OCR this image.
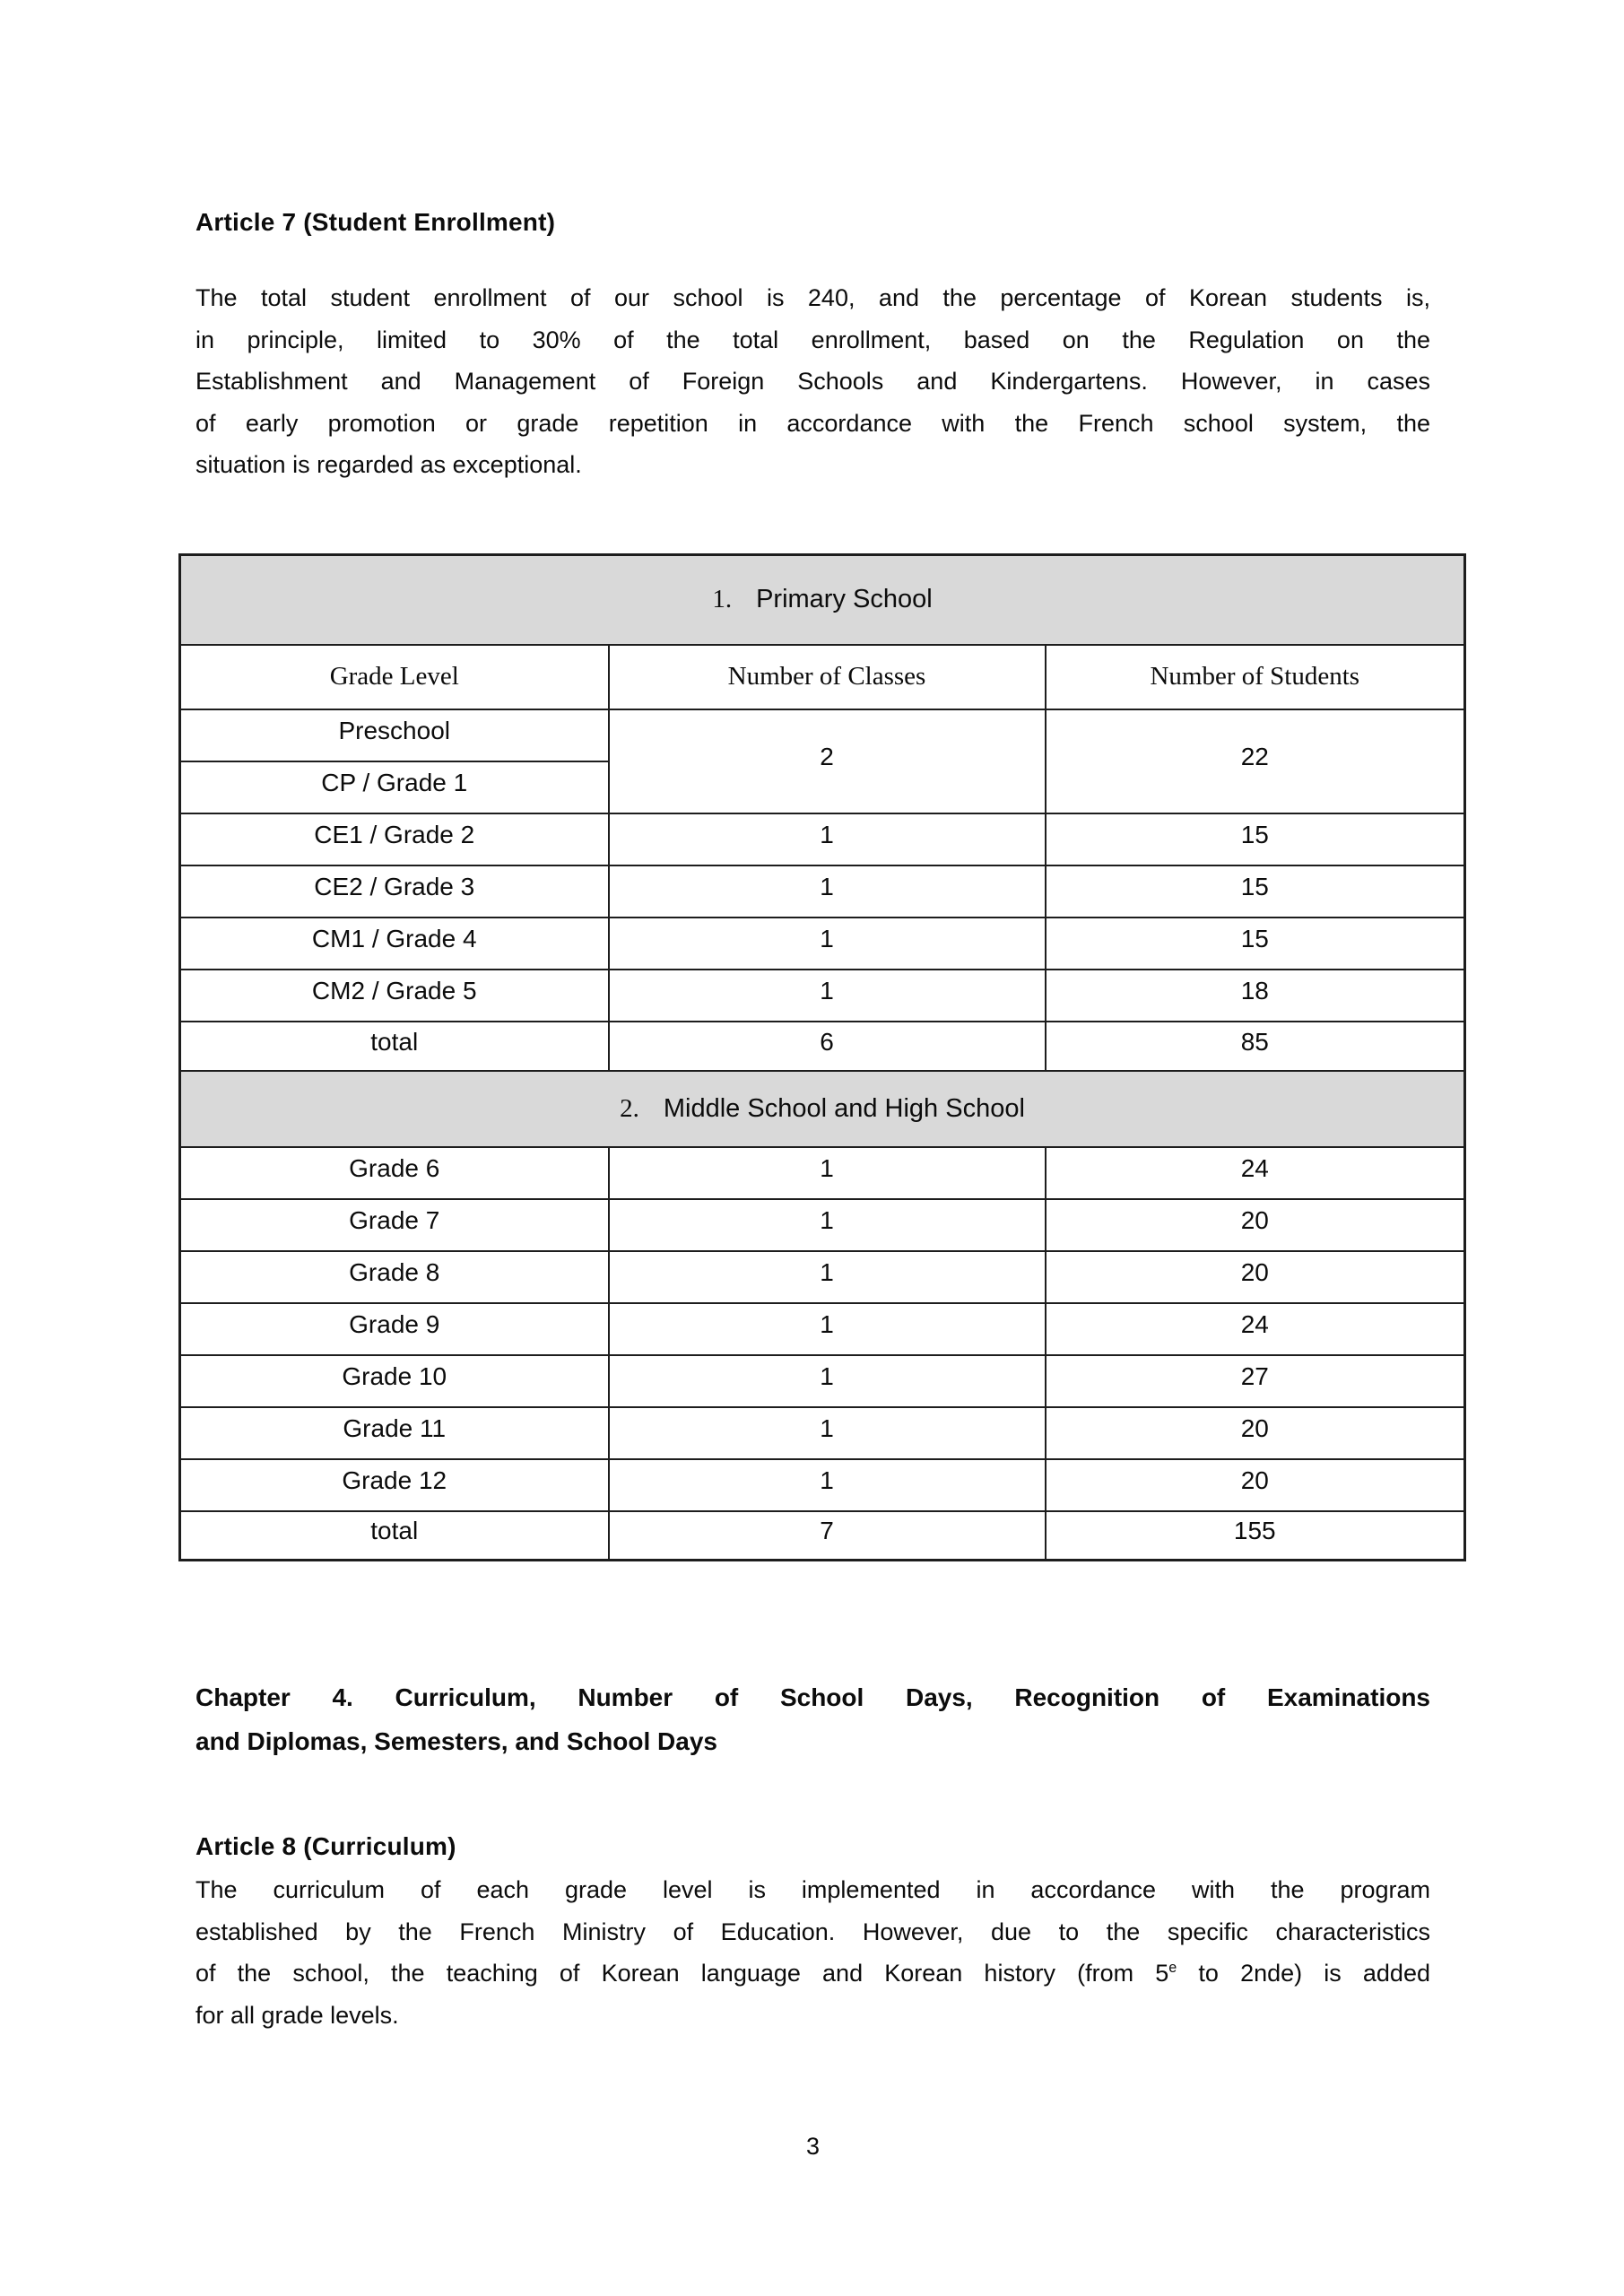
Article 7 (Student Enrollment)
The total student enrollment of our school is 240, and the percentage of Korean students is,
in principle, limited to 30% of the total enrollment, based on the Regulation on the
Establishment and Management of Foreign Schools and Kindergartens. However, in cases
of early promotion or grade repetition in accordance with the French school system, the
situation is regarded as exceptional.
1. Primary School		
Grade Level	Number of Classes	Number of Students
Preschool	2	22
CP / Grade 1		
CE1 / Grade 2	1	15
CE2 / Grade 3	1	15
CM1 / Grade 4	1	15
CM2 / Grade 5	1	18
total	6	85
2. Middle School and High School		
Grade 6	1	24
Grade 7	1	20
Grade 8	1	20
Grade 9	1	24
Grade 10	1	27
Grade 11	1	20
Grade 12	1	20
total	7	155
Chapter 4. Curriculum, Number of School Days, Recognition of Examinations
and Diplomas, Semesters, and School Days
Article 8 (Curriculum)
The curriculum of each grade level is implemented in accordance with the program
established by the French Ministry of Education. However, due to the specific characteristics
of the school, the teaching of Korean language and Korean history (from 5e to 2nde) is added
for all grade levels.
3
